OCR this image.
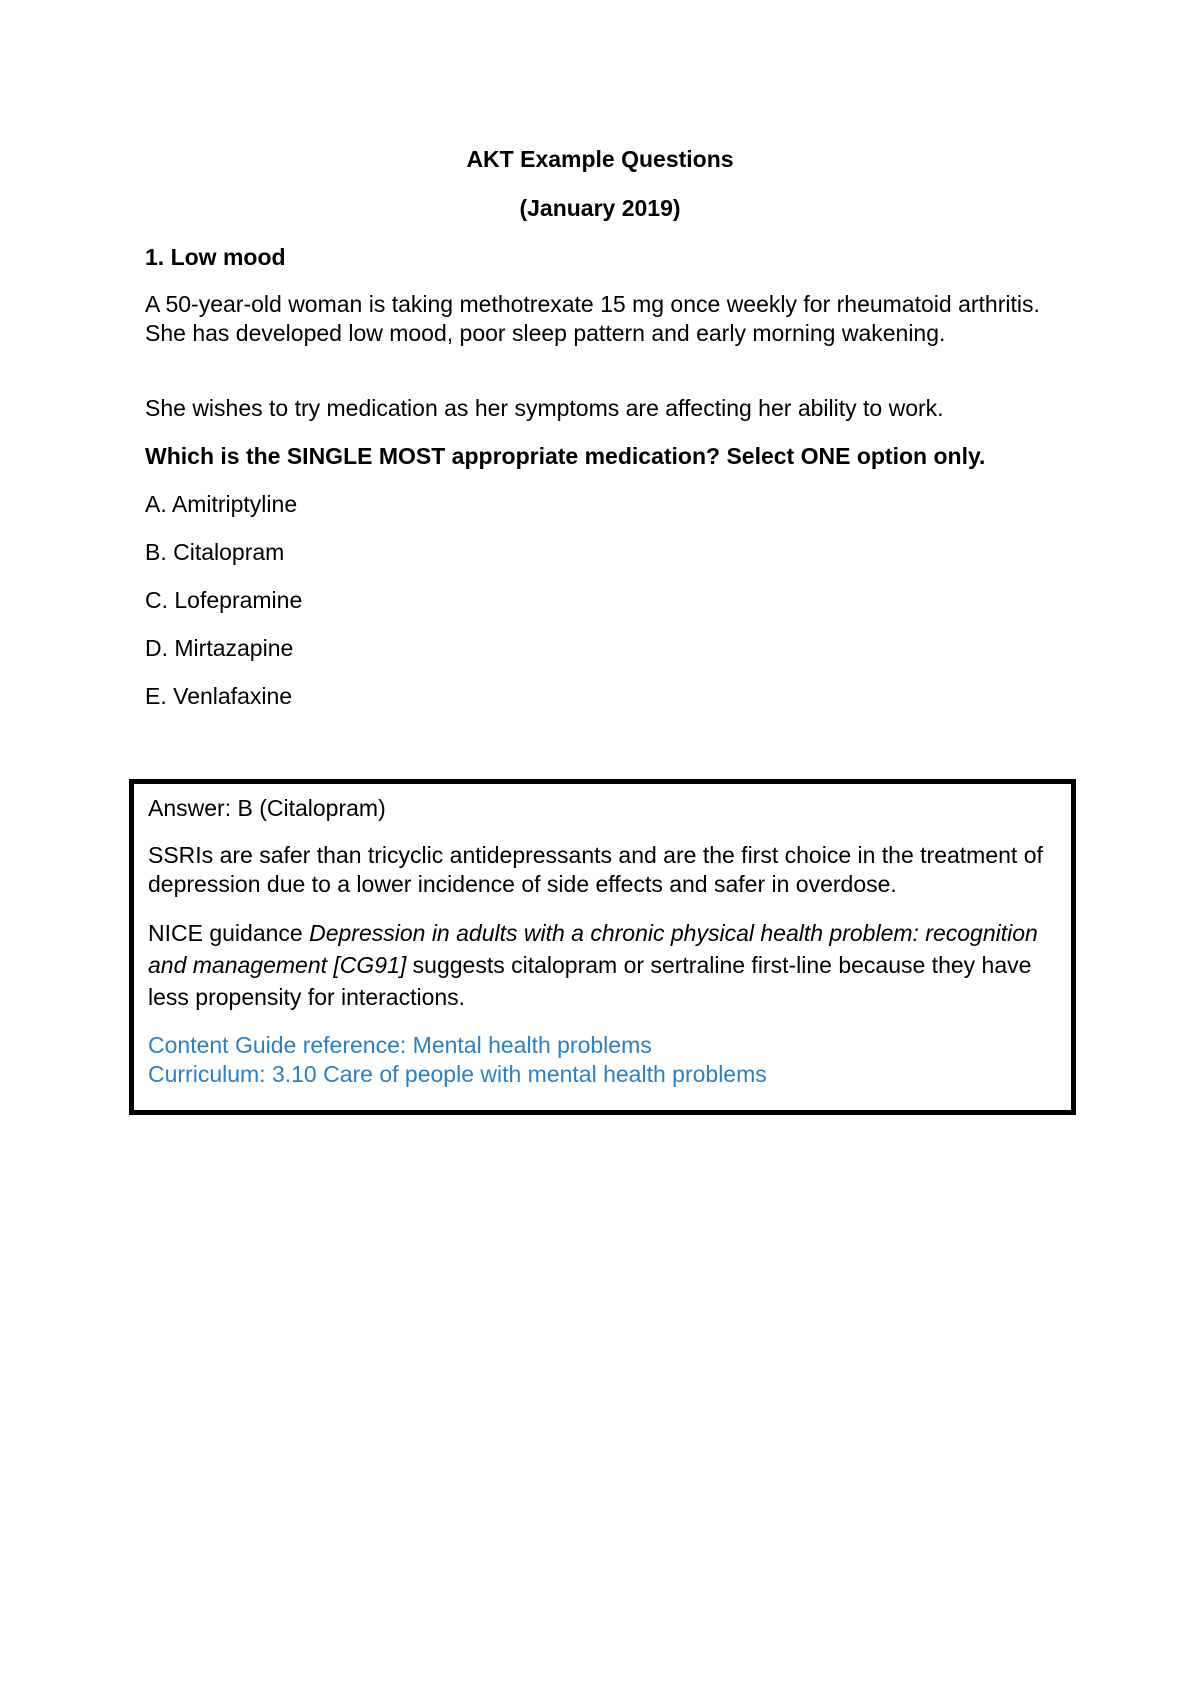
AKT Example Questions
(January 2019)
1. Low mood
A 50-year-old woman is taking methotrexate 15 mg once weekly for rheumatoid arthritis. She has developed low mood, poor sleep pattern and early morning wakening.
She wishes to try medication as her symptoms are affecting her ability to work.
Which is the SINGLE MOST appropriate medication? Select ONE option only.
A. Amitriptyline
B. Citalopram
C. Lofepramine
D. Mirtazapine
E. Venlafaxine

Answer: B (Citalopram)

SSRIs are safer than tricyclic antidepressants and are the first choice in the treatment of depression due to a lower incidence of side effects and safer in overdose.

NICE guidance Depression in adults with a chronic physical health problem: recognition and management [CG91] suggests citalopram or sertraline first-line because they have less propensity for interactions.

Content Guide reference: Mental health problems
Curriculum: 3.10 Care of people with mental health problems
